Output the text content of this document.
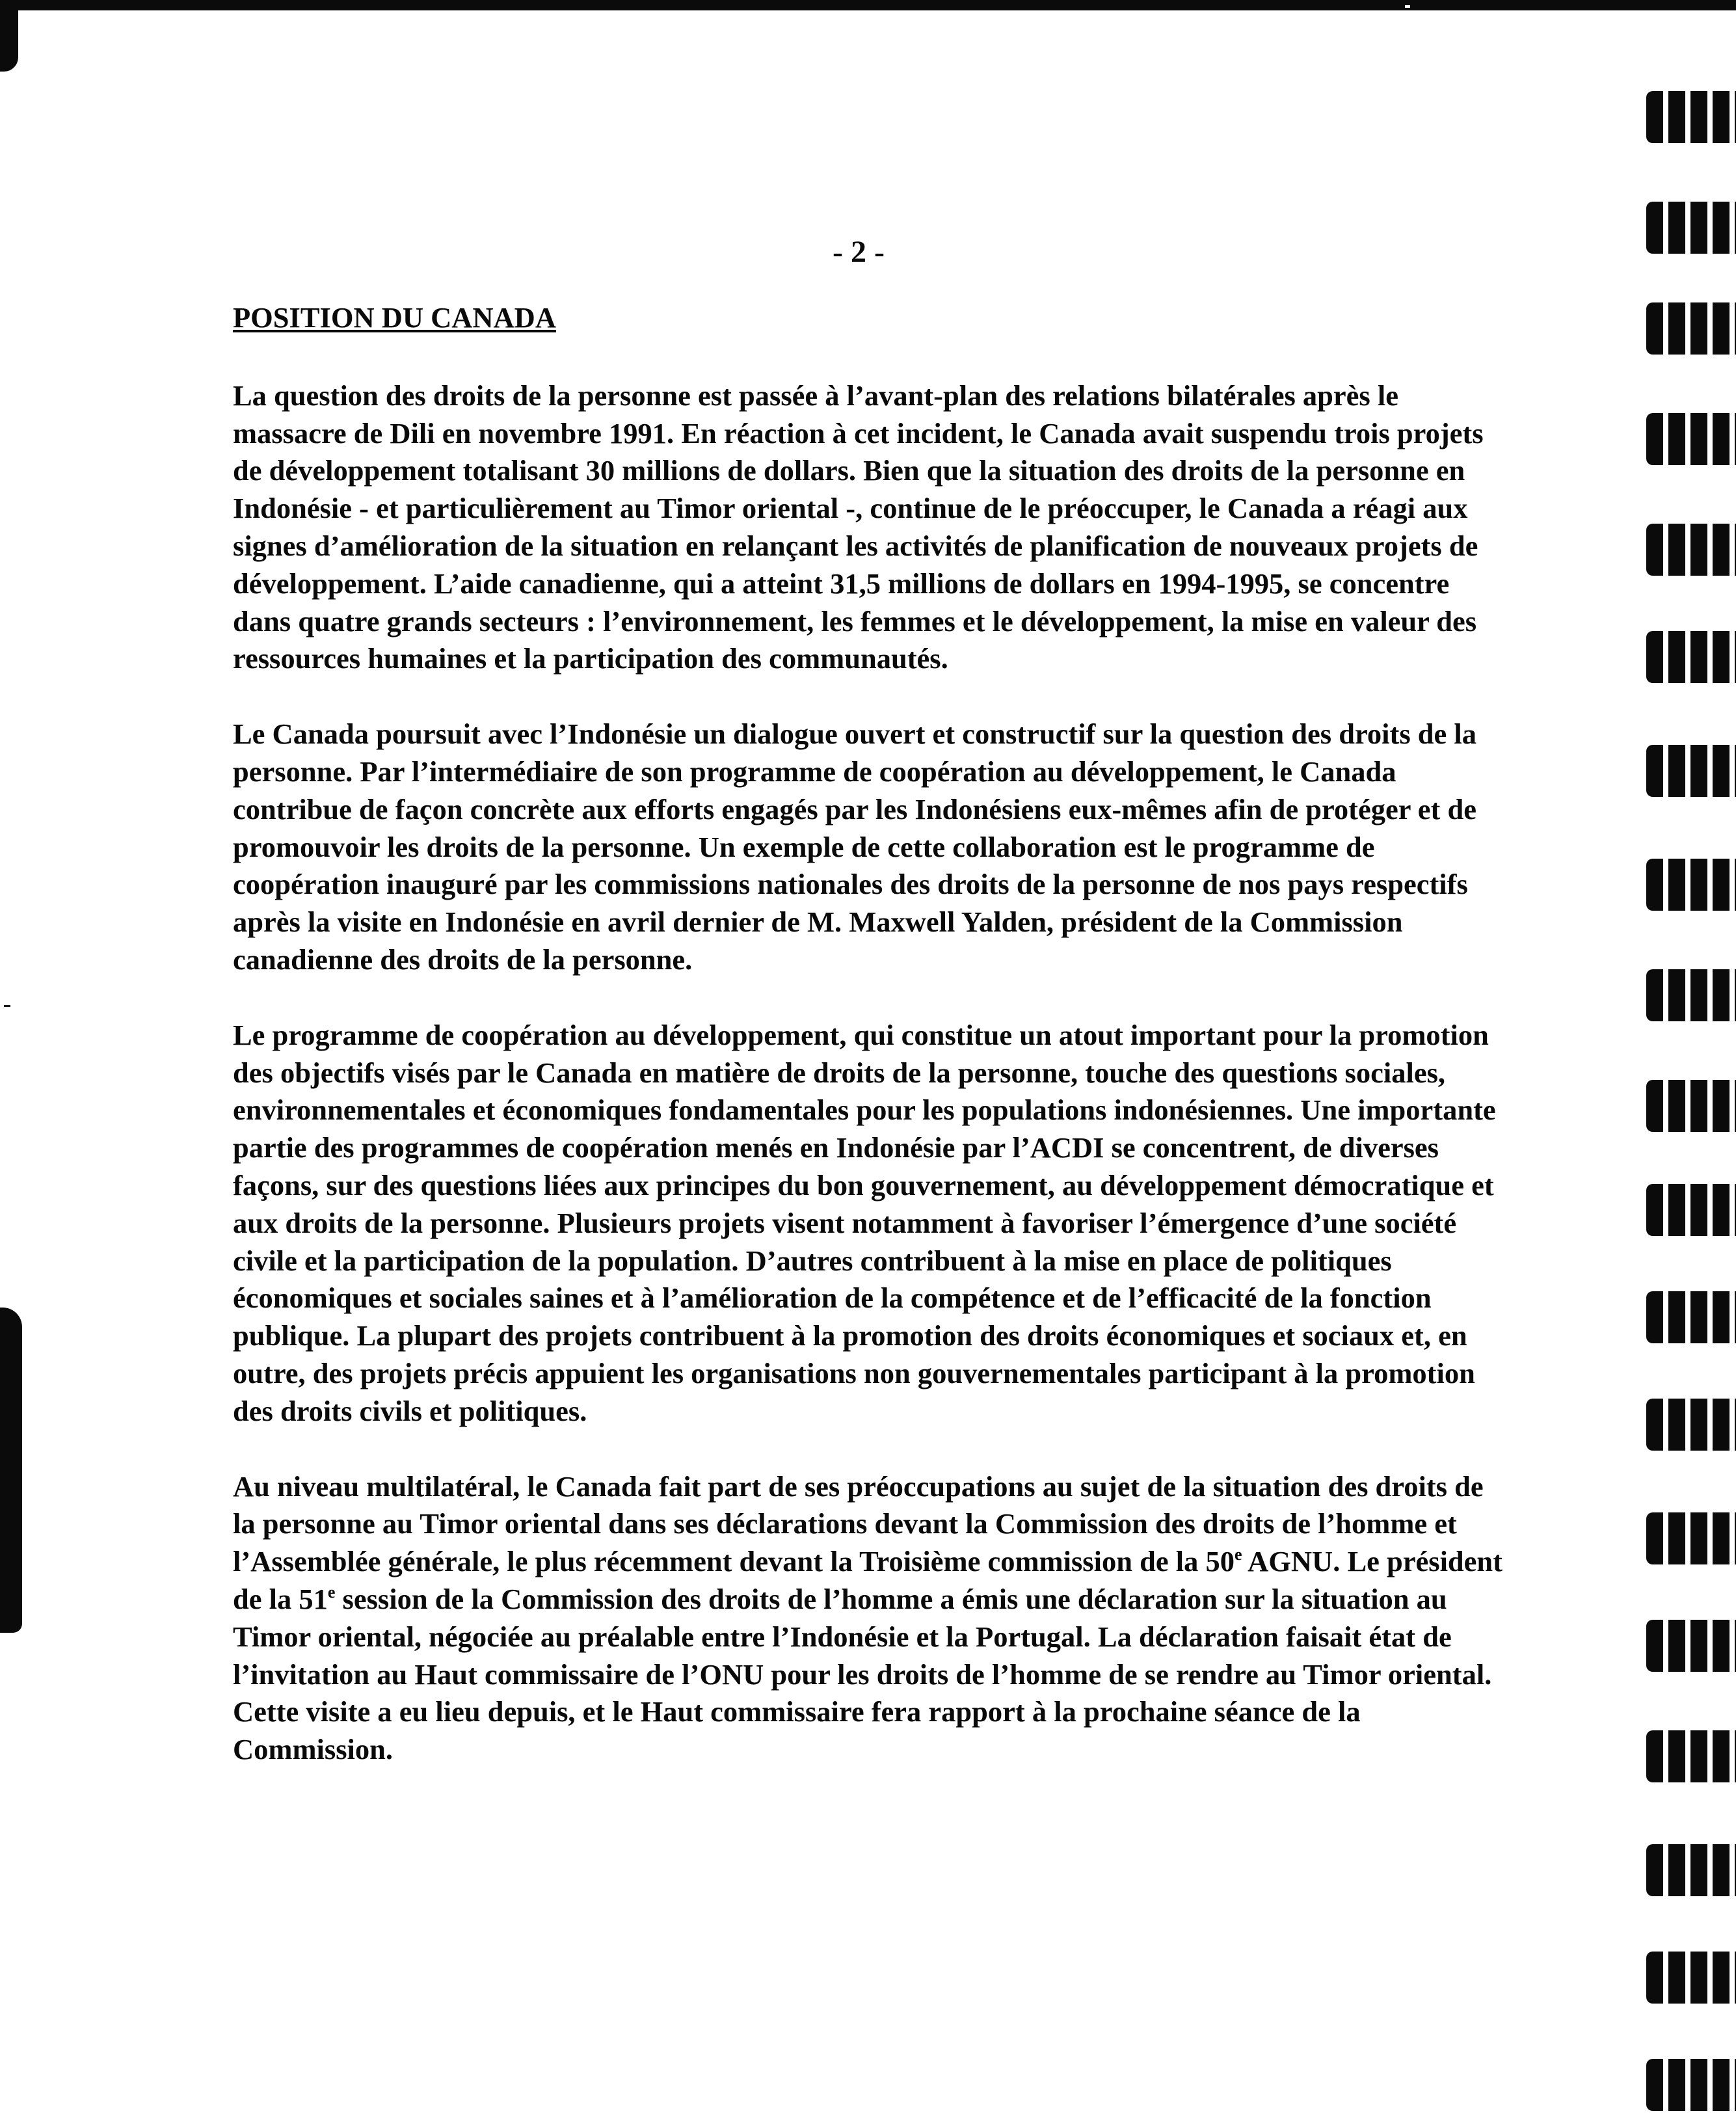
- 2 -
POSITION DU CANADA

La question des droits de la personne est passée à l’avant-plan des relations bilatérales après le massacre de Dili en novembre 1991. En réaction à cet incident, le Canada avait suspendu trois projets de développement totalisant 30 millions de dollars. Bien que la situation des droits de la personne en Indonésie - et particulièrement au Timor oriental -, continue de le préoccuper, le Canada a réagi aux signes d’amélioration de la situation en relançant les activités de planification de nouveaux projets de développement. L’aide canadienne, qui a atteint 31,5 millions de dollars en 1994-1995, se concentre dans quatre grands secteurs : l’environnement, les femmes et le développement, la mise en valeur des ressources humaines et la participation des communautés.

Le Canada poursuit avec l’Indonésie un dialogue ouvert et constructif sur la question des droits de la personne. Par l’intermédiaire de son programme de coopération au développement, le Canada contribue de façon concrète aux efforts engagés par les Indonésiens eux-mêmes afin de protéger et de promouvoir les droits de la personne. Un exemple de cette collaboration est le programme de coopération inauguré par les commissions nationales des droits de la personne de nos pays respectifs après la visite en Indonésie en avril dernier de M. Maxwell Yalden, président de la Commission canadienne des droits de la personne.

Le programme de coopération au développement, qui constitue un atout important pour la promotion des objectifs visés par le Canada en matière de droits de la personne, touche des questions sociales, environnementales et économiques fondamentales pour les populations indonésiennes. Une importante partie des programmes de coopération menés en Indonésie par l’ACDI se concentrent, de diverses façons, sur des questions liées aux principes du bon gouvernement, au développement démocratique et aux droits de la personne. Plusieurs projets visent notamment à favoriser l’émergence d’une société civile et la participation de la population. D’autres contribuent à la mise en place de politiques économiques et sociales saines et à l’amélioration de la compétence et de l’efficacité de la fonction publique. La plupart des projets contribuent à la promotion des droits économiques et sociaux et, en outre, des projets précis appuient les organisations non gouvernementales participant à la promotion des droits civils et politiques.

Au niveau multilatéral, le Canada fait part de ses préoccupations au sujet de la situation des droits de la personne au Timor oriental dans ses déclarations devant la Commission des droits de l’homme et l’Assemblée générale, le plus récemment devant la Troisième commission de la 50e AGNU. Le président de la 51e session de la Commission des droits de l’homme a émis une déclaration sur la situation au Timor oriental, négociée au préalable entre l’Indonésie et la Portugal. La déclaration faisait état de l’invitation au Haut commissaire de l’ONU pour les droits de l’homme de se rendre au Timor oriental. Cette visite a eu lieu depuis, et le Haut commissaire fera rapport à la prochaine séance de la Commission.
